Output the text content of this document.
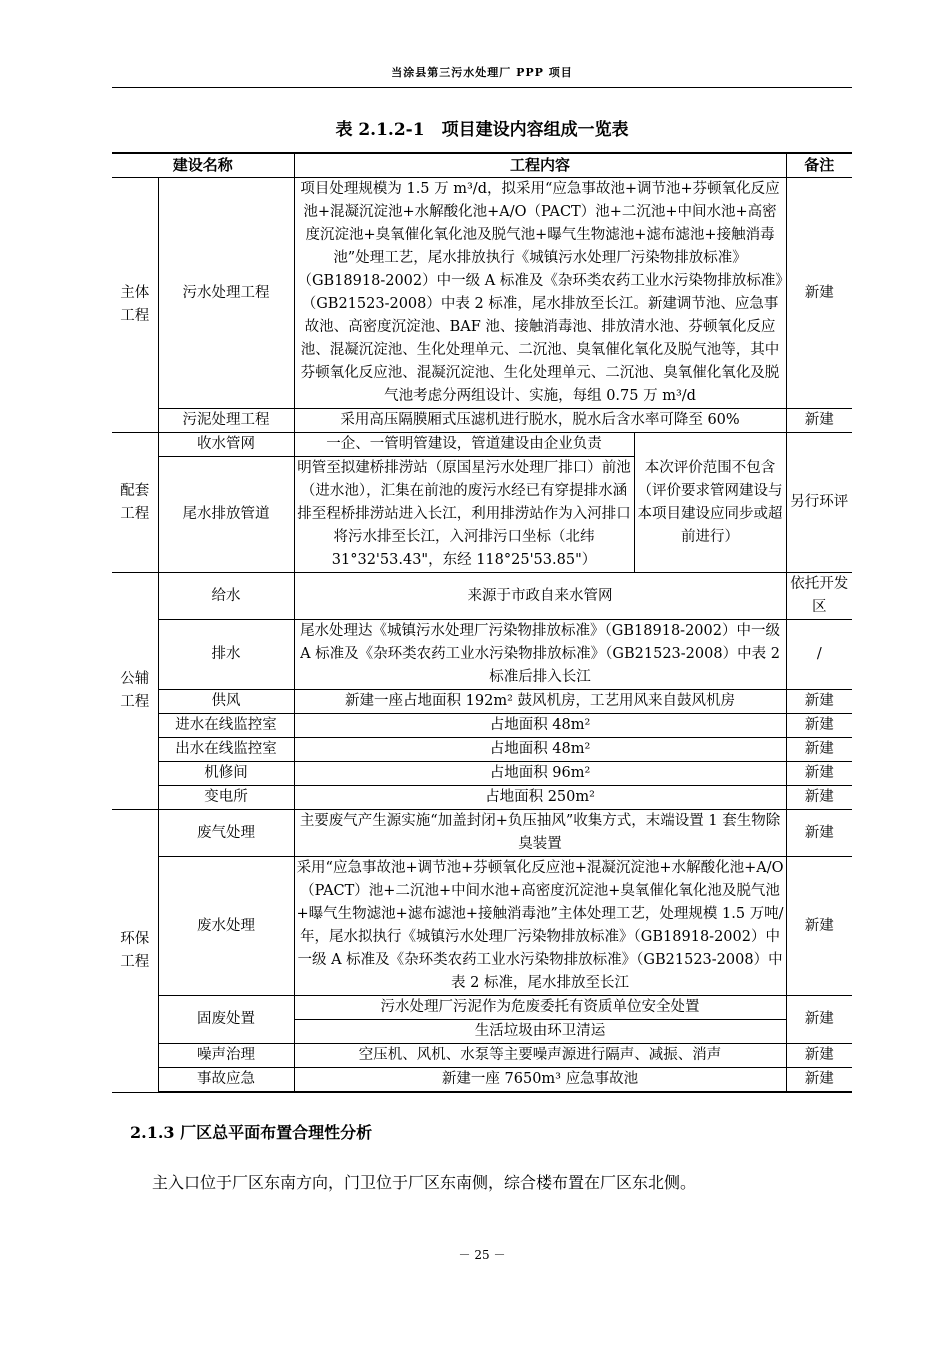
当涂县第三污水处理厂 PPP 项目
表 2.1.2-1　项目建设内容组成一览表
建设名称		工程内容		备注
主体工程	污水处理工程	项目处理规模为 1.5 万 m³/d，拟采用“应急事故池+调节池+芬顿氧化反应池+混凝沉淀池+水解酸化池+A/O（PACT）池+二沉池+中间水池+高密度沉淀池+臭氧催化氧化池及脱气池+曝气生物滤池+滤布滤池+接触消毒池”处理工艺，尾水排放执行《城镇污水处理厂污染物排放标准》（GB18918-2002）中一级 A 标准及《杂环类农药工业水污染物排放标准》（GB21523-2008）中表 2 标准，尾水排放至长江。新建调节池、应急事故池、高密度沉淀池、BAF 池、接触消毒池、排放清水池、芬顿氧化反应池、混凝沉淀池、生化处理单元、二沉池、臭氧催化氧化及脱气池等，其中芬顿氧化反应池、混凝沉淀池、生化处理单元、二沉池、臭氧催化氧化及脱气池考虑分两组设计、实施，每组 0.75 万 m³/d		新建
	污泥处理工程	采用高压隔膜厢式压滤机进行脱水，脱水后含水率可降至 60%		新建
配套工程	收水管网	一企、一管明管建设，管道建设由企业负责	本次评价范围不包含（评价要求管网建设与本项目建设应同步或超前进行）	另行环评
	尾水排放管道	明管至拟建桥排涝站（原国星污水处理厂排口）前池（进水池），汇集在前池的废污水经已有穿提排水涵排至程桥排涝站进入长江，利用排涝站作为入河排口将污水排至长江，入河排污口坐标（北纬 31°32'53.43"，东经 118°25'53.85"）		
公辅工程	给水	来源于市政自来水管网		依托开发区
	排水	尾水处理达《城镇污水处理厂污染物排放标准》（GB18918-2002）中一级 A 标准及《杂环类农药工业水污染物排放标准》（GB21523-2008）中表 2 标准后排入长江		/
	供风	新建一座占地面积 192m² 鼓风机房，工艺用风来自鼓风机房		新建
	进水在线监控室	占地面积 48m²		新建
	出水在线监控室	占地面积 48m²		新建
	机修间	占地面积 96m²		新建
	变电所	占地面积 250m²		新建
环保工程	废气处理	主要废气产生源实施“加盖封闭+负压抽风”收集方式，末端设置 1 套生物除臭装置		新建
	废水处理	采用“应急事故池+调节池+芬顿氧化反应池+混凝沉淀池+水解酸化池+A/O（PACT）池+二沉池+中间水池+高密度沉淀池+臭氧催化氧化池及脱气池+曝气生物滤池+滤布滤池+接触消毒池”主体处理工艺，处理规模 1.5 万吨/年，尾水拟执行《城镇污水处理厂污染物排放标准》（GB18918-2002）中一级 A 标准及《杂环类农药工业水污染物排放标准》（GB21523-2008）中表 2 标准，尾水排放至长江		新建
	固废处置	污水处理厂污泥作为危废委托有资质单位安全处置		新建
		生活垃圾由环卫清运		
	噪声治理	空压机、风机、水泵等主要噪声源进行隔声、减振、消声		新建
	事故应急	新建一座 7650m³ 应急事故池		新建
2.1.3 厂区总平面布置合理性分析
主入口位于厂区东南方向，门卫位于厂区东南侧，综合楼布置在厂区东北侧。
－ 25 －
